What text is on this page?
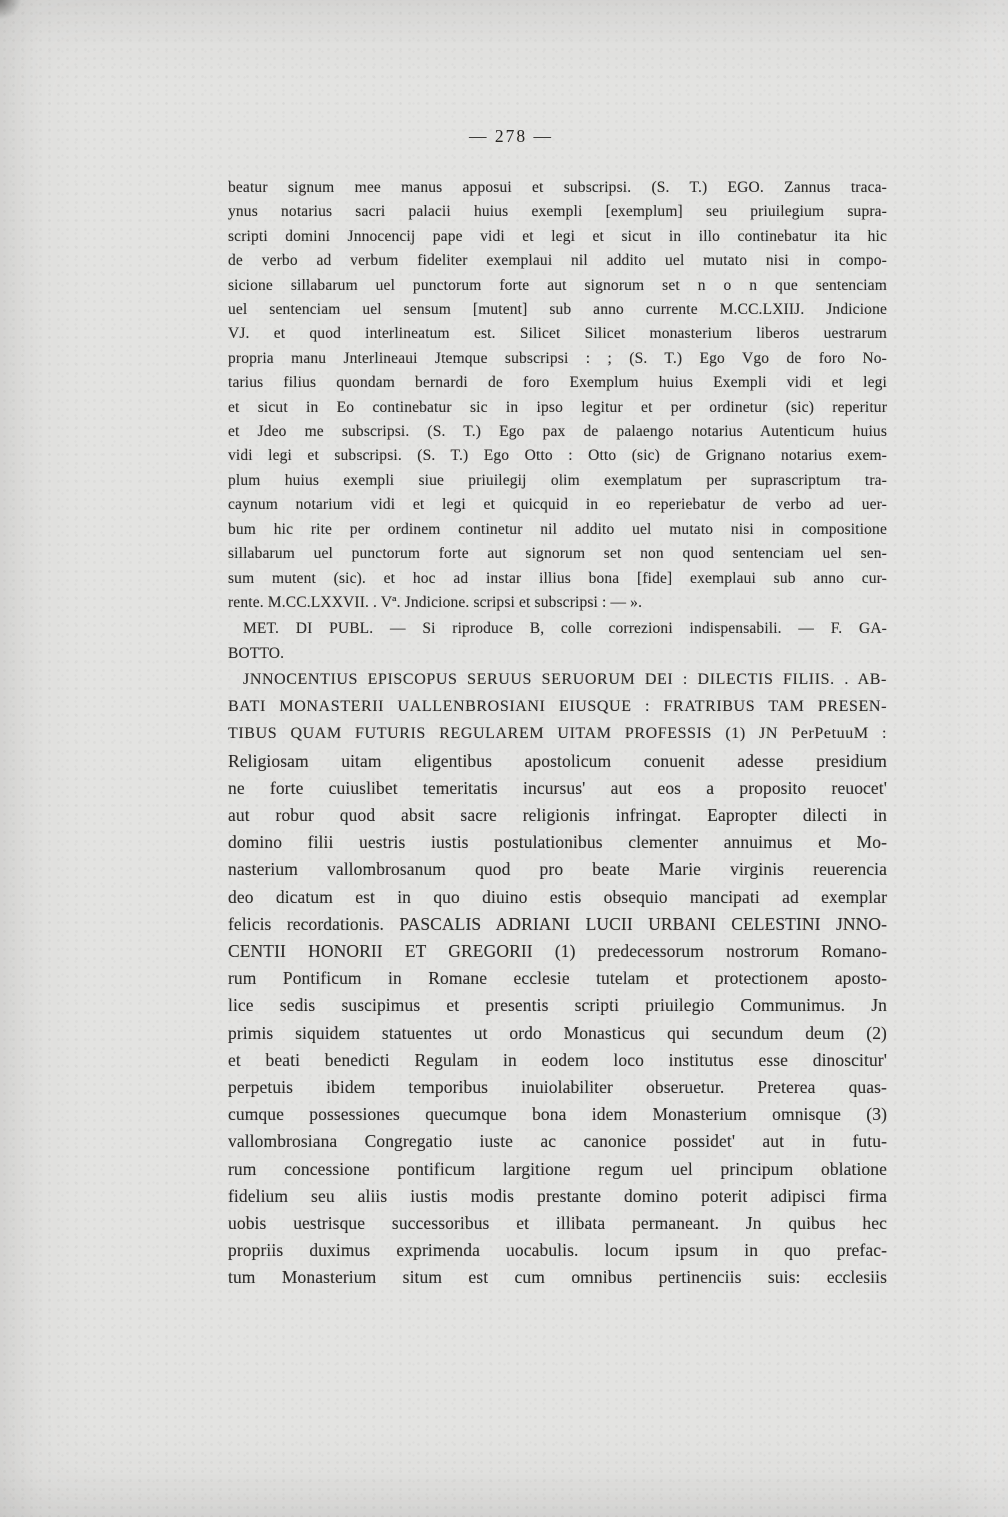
— 278 —
beatur signum mee manus apposui et subscripsi. (S. T.) EGO. Zannus traca-
ynus notarius sacri palacii huius exempli [exemplum] seu priuilegium supra-
scripti domini Jnnocencij pape vidi et legi et sicut in illo continebatur ita hic
de verbo ad verbum fideliter exemplaui nil addito uel mutato nisi in compo-
sicione sillabarum uel punctorum forte aut signorum set n o n que sentenciam
uel sentenciam uel sensum [mutent] sub anno currente M.CC.LXIIJ. Jndicione
VJ. et quod interlineatum est. Silicet Silicet monasterium liberos uestrarum
propria manu Jnterlineaui Jtemque subscripsi : ; (S. T.) Ego Vgo de foro No-
tarius filius quondam bernardi de foro Exemplum huius Exempli vidi et legi
et sicut in Eo continebatur sic in ipso legitur et per ordinetur (sic) reperitur
et Jdeo me subscripsi. (S. T.) Ego pax de palaengo notarius Autenticum huius
vidi legi et subscripsi. (S. T.) Ego Otto : Otto (sic) de Grignano notarius exem-
plum huius exempli siue priuilegij olim exemplatum per suprascriptum tra-
caynum notarium vidi et legi et quicquid in eo reperiebatur de verbo ad uer-
bum hic rite per ordinem continetur nil addito uel mutato nisi in compositione
sillabarum uel punctorum forte aut signorum set non quod sentenciam uel sen-
sum mutent (sic). et hoc ad instar illius bona [fide] exemplaui sub anno cur-
rente. M.CC.LXXVII. . Vª. Jndicione. scripsi et subscripsi : — ».
MET. DI PUBL. — Si riproduce B, colle correzioni indispensabili. — F. GA-
BOTTO.
JNNOCENTIUS EPISCOPUS SERUUS SERUORUM DEI : DILECTIS FILIIS. . AB-
BATI MONASTERII UALLENBROSIANI EIUSQUE : FRATRIBUS TAM PRESEN-
TIBUS QUAM FUTURIS REGULAREM UITAM PROFESSIS (1) JN PerPetuuM :
Religiosam uitam eligentibus apostolicum conuenit adesse presidium
ne forte cuiuslibet temeritatis incursus' aut eos a proposito reuocet'
aut robur quod absit sacre religionis infringat. Eapropter dilecti in
domino filii uestris iustis postulationibus clementer annuimus et Mo-
nasterium vallombrosanum quod pro beate Marie virginis reuerencia
deo dicatum est in quo diuino estis obsequio mancipati ad exemplar
felicis recordationis. PASCALIS ADRIANI LUCII URBANI CELESTINI JNNO-
CENTII HONORII ET GREGORII (1) predecessorum nostrorum Romano-
rum Pontificum in Romane ecclesie tutelam et protectionem aposto-
lice sedis suscipimus et presentis scripti priuilegio Communimus. Jn
primis siquidem statuentes ut ordo Monasticus qui secundum deum (2)
et beati benedicti Regulam in eodem loco institutus esse dinoscitur'
perpetuis ibidem temporibus inuiolabiliter obseruetur. Preterea quas-
cumque possessiones quecumque bona idem Monasterium omnisque (3)
vallombrosiana Congregatio iuste ac canonice possidet' aut in futu-
rum concessione pontificum largitione regum uel principum oblatione
fidelium seu aliis iustis modis prestante domino poterit adipisci firma
uobis uestrisque successoribus et illibata permaneant. Jn quibus hec
propriis duximus exprimenda uocabulis. locum ipsum in quo prefac-
tum Monasterium situm est cum omnibus pertinenciis suis: ecclesiis
